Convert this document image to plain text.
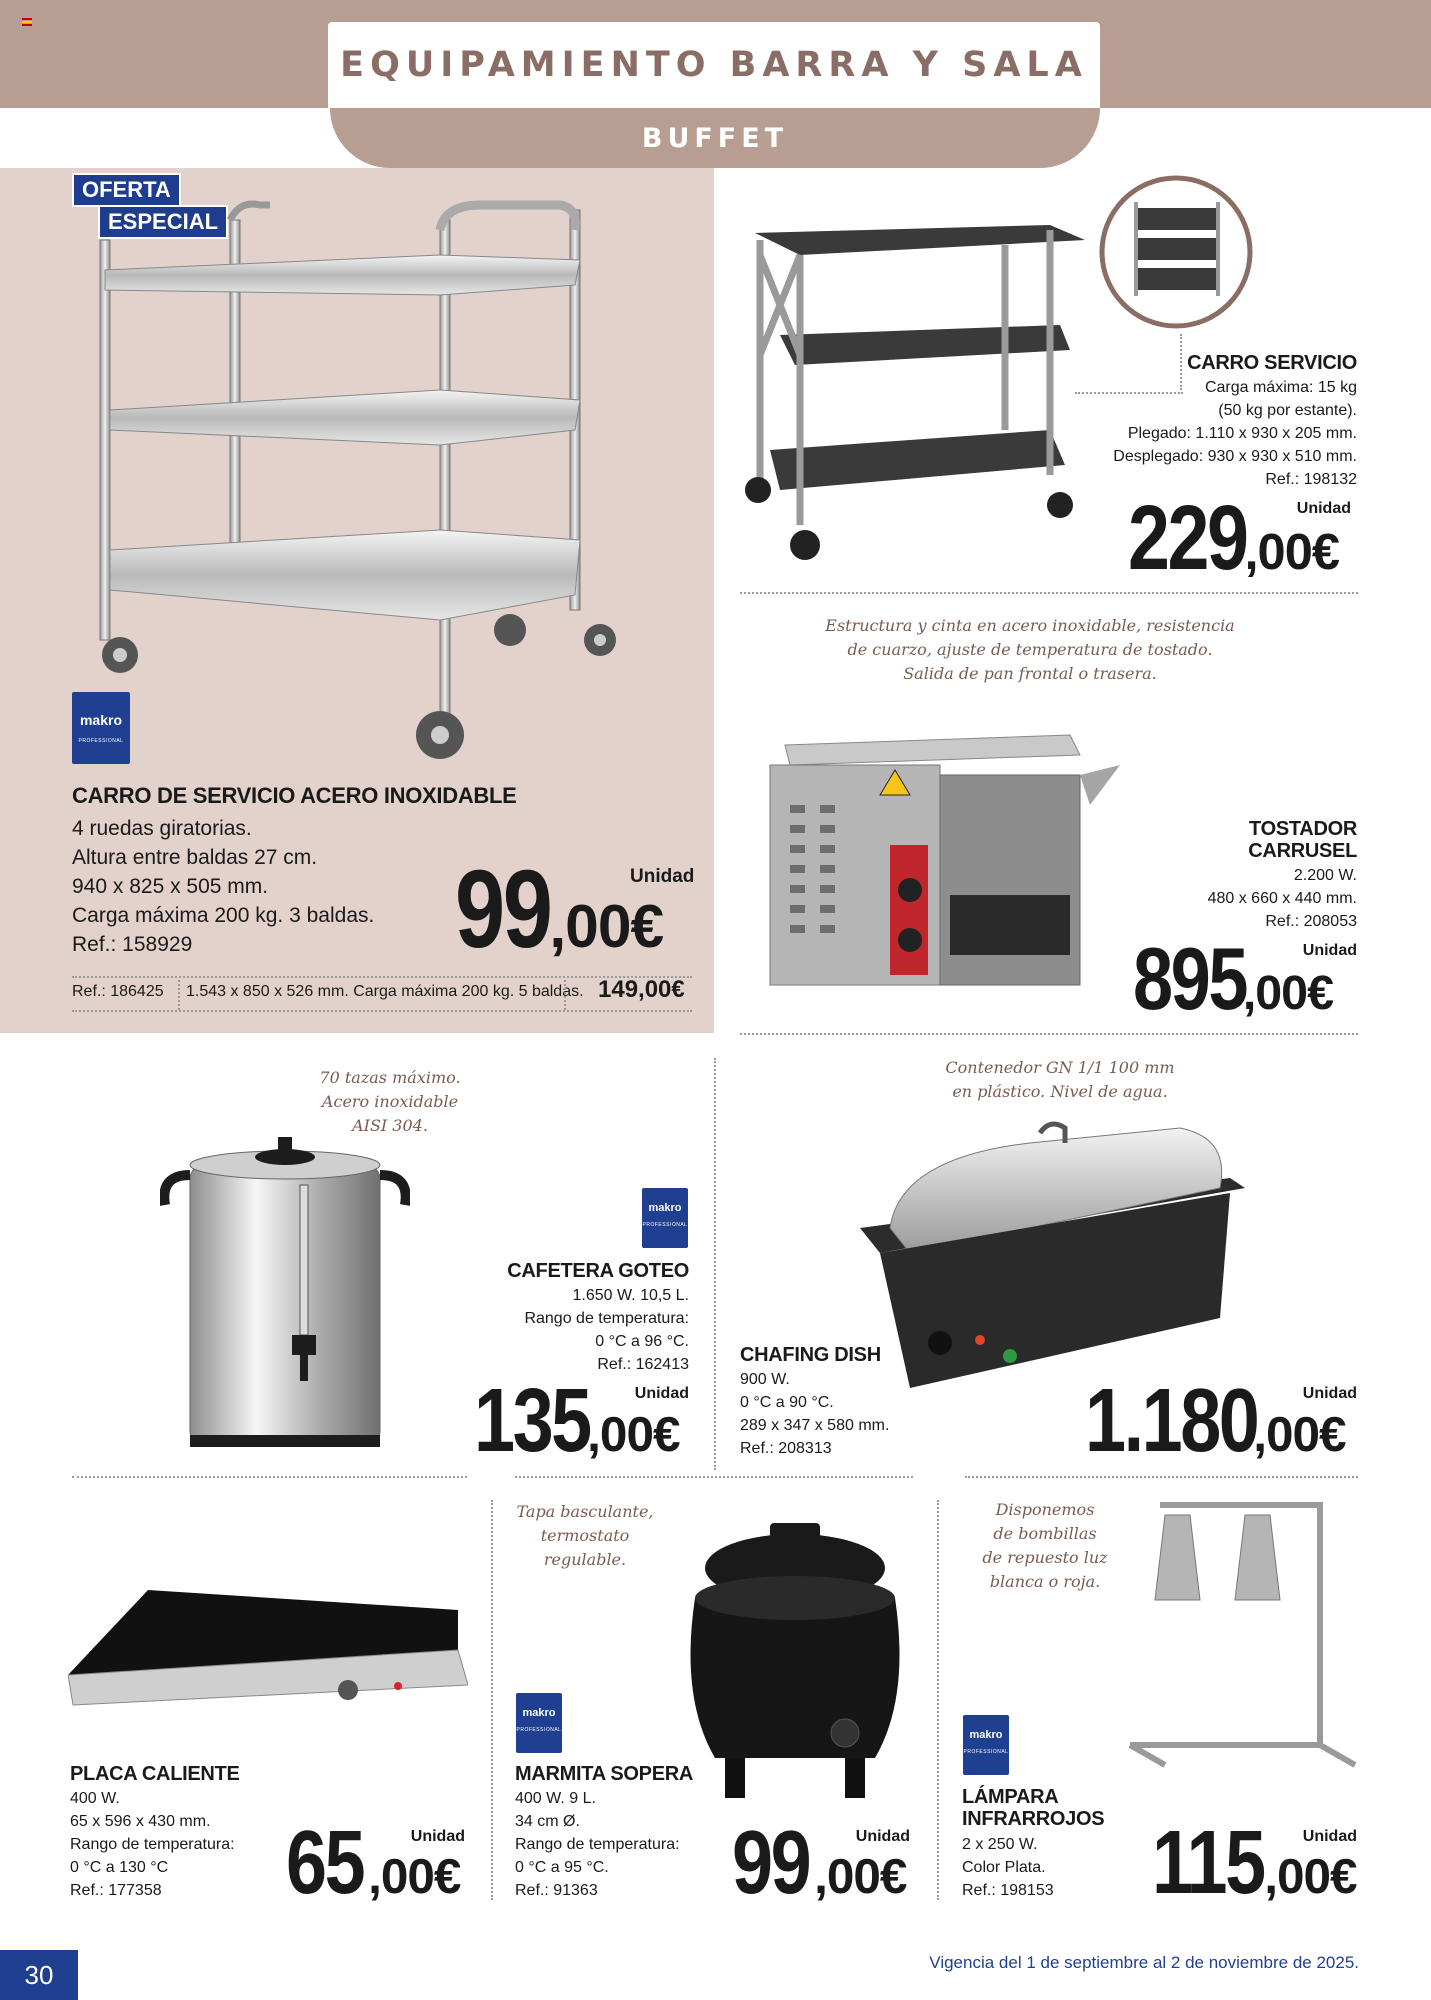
EQUIPAMIENTO BARRA Y SALA
BUFFET
OFERTA
ESPECIAL
makro
PROFESSIONAL
CARRO DE SERVICIO ACERO INOXIDABLE
4 ruedas giratorias.
Altura entre baldas 27 cm.
940 x 825 x 505 mm.
Carga máxima 200 kg. 3 baldas.
Ref.: 158929
Unidad
99,00€
Ref.: 186425 1.543 x 850 x 526 mm. Carga máxima 200 kg. 5 baldas. 149,00€
CARRO SERVICIO
Carga máxima: 15 kg
(50 kg por estante).
Plegado: 1.110 x 930 x 205 mm.
Desplegado: 930 x 930 x 510 mm.
Ref.: 198132
Unidad
229,00€
Estructura y cinta en acero inoxidable, resistencia
de cuarzo, ajuste de temperatura de tostado.
Salida de pan frontal o trasera.
TOSTADOR
CARRUSEL
2.200 W.
480 x 660 x 440 mm.
Ref.: 208053
Unidad
895,00€
70 tazas máximo.
Acero inoxidable
AISI 304.
makro
PROFESSIONAL
CAFETERA GOTEO
1.650 W. 10,5 L.
Rango de temperatura:
0 °C a 96 °C.
Ref.: 162413
Unidad
135,00€
Contenedor GN 1/1 100 mm
en plástico. Nivel de agua.
CHAFING DISH
900 W.
0 °C a 90 °C.
289 x 347 x 580 mm.
Ref.: 208313
Unidad
1.180,00€
PLACA CALIENTE
400 W.
65 x 596 x 430 mm.
Rango de temperatura:
0 °C a 130 °C
Ref.: 177358
Unidad
65,00€
Tapa basculante,
termostato
regulable.
makro
PROFESSIONAL
MARMITA SOPERA
400 W. 9 L.
34 cm Ø.
Rango de temperatura:
0 °C a 95 °C.
Ref.: 91363
Unidad
99,00€
Disponemos
de bombillas
de repuesto luz
blanca o roja.
makro
PROFESSIONAL
LÁMPARA
INFRARROJOS
2 x 250 W.
Color Plata.
Ref.: 198153
Unidad
115,00€
30	Vigencia del 1 de septiembre al 2 de noviembre de 2025.
